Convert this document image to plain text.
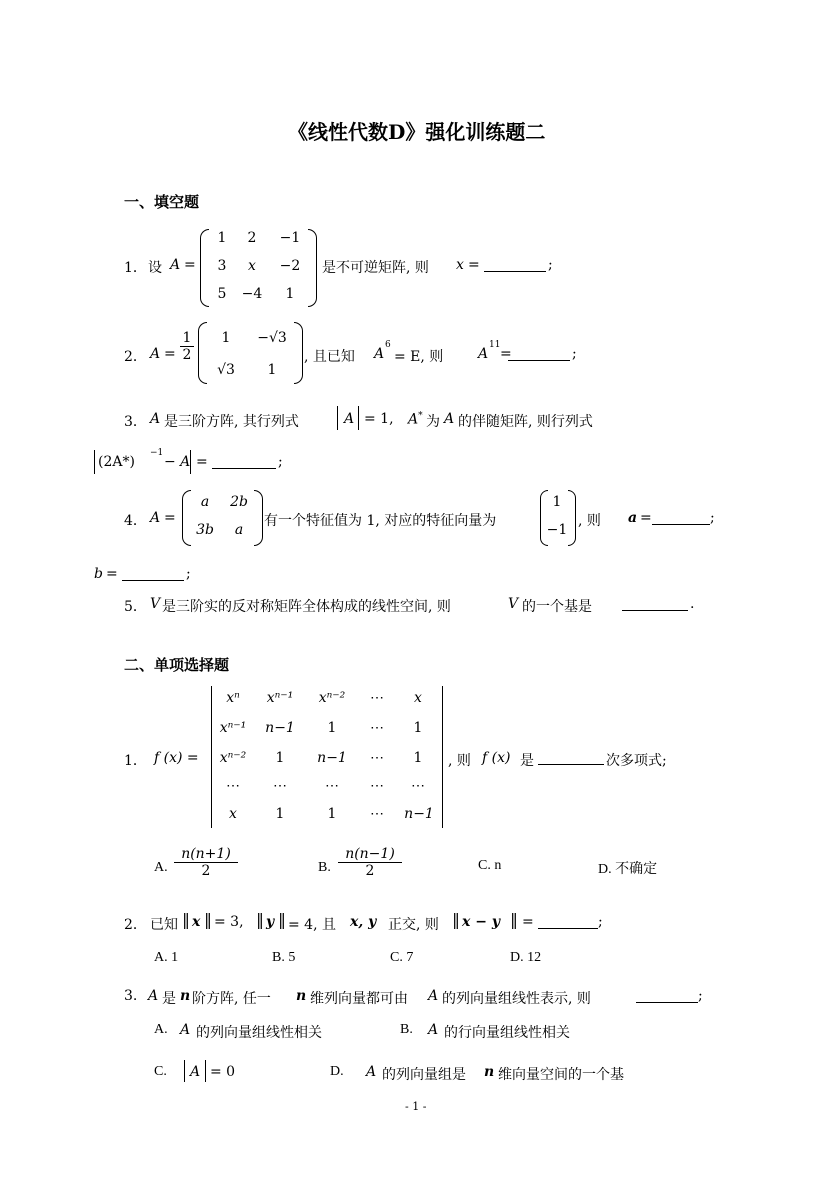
《线性代数D》强化训练题二
一、填空题
1． 设 A =
1	2	−1
3	x	−2
5	−4	1
是不可逆矩阵, 则 x =	;
2． $A = \frac{1}{2}$	1	−√3
√3	1
, 且已知 A
6
= E, 则 A
11
=	;
3． A 是三阶方阵, 其行列式	A = 1, A* 为 A 的伴随矩阵, 则行列式
(2A*)
−1
− A =	;
4． A =
a	2b
3b	a
有一个特征值为 1, 对应的特征向量为
1
−1
, 则 a =	;
b =	;
5． V 是三阶实的反对称矩阵全体构成的线性空间, 则	V 的一个基是	.
二、单项选择题
1． f (x) =
xⁿ	xⁿ⁻¹	xⁿ⁻²	⋯	x
xⁿ⁻¹	n−1	1	⋯	1
xⁿ⁻²	1	n−1	⋯	1
⋯	⋯	⋯	⋯	⋯
x	1	1	⋯	n−1
, 则 f (x) 是	次多项式;
A. $\frac{n(n+1)}{2}$	B. $\frac{n(n-1)}{2}$	C. n	D. 不确定
2． 已知 ‖ x ‖ = 3, ‖ y ‖ = 4, 且 x, y 正交, 则 ‖ x − y ‖ =	;
A. 1	B. 5	C. 7	D. 12
3. A 是 n 阶方阵, 任一 n 维列向量都可由 A 的列向量组线性表示, 则	;
A. A 的列向量组线性相关	B. A 的行向量组线性相关
C. A = 0	D. A 的列向量组是 n 维向量空间的一个基
- 1 -
